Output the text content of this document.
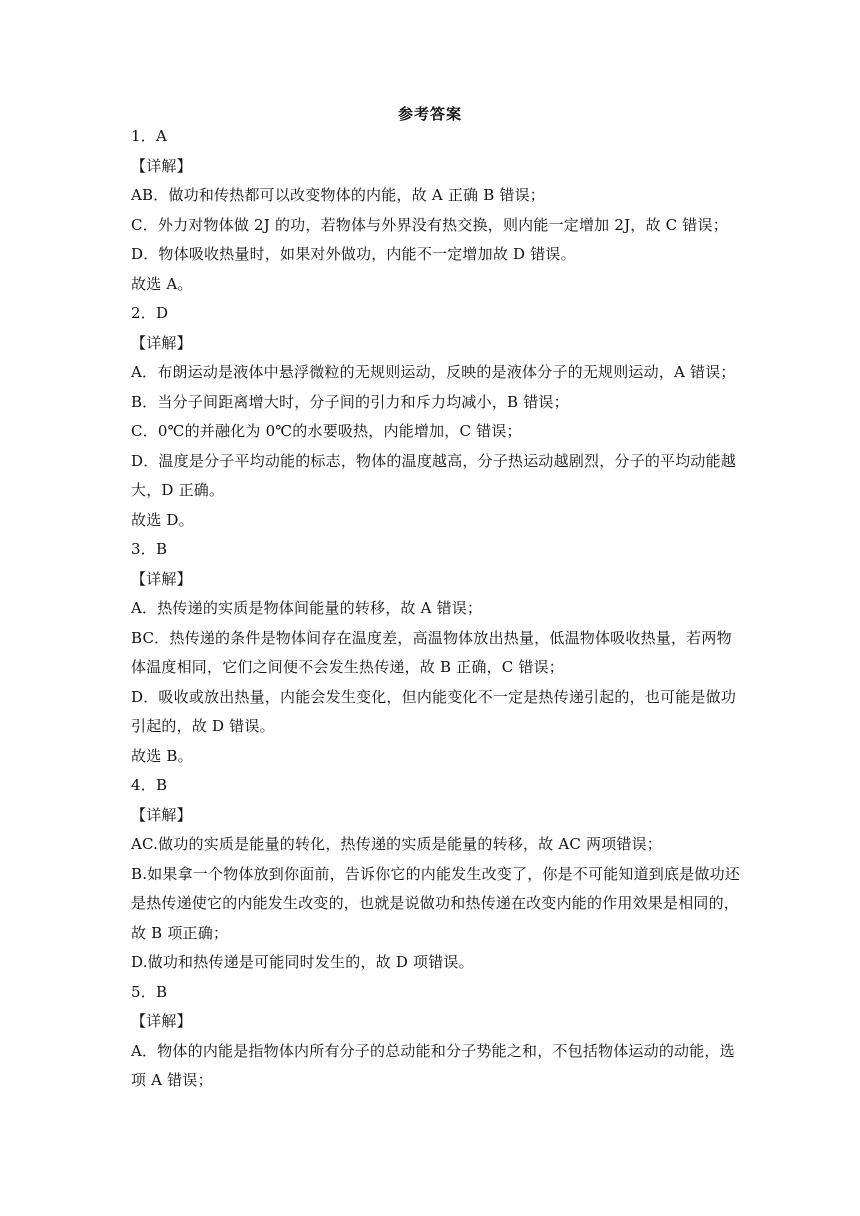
参考答案
1．A
【详解】
AB．做功和传热都可以改变物体的内能，故 A 正确 B 错误；
C．外力对物体做 2J 的功，若物体与外界没有热交换，则内能一定增加 2J，故 C 错误；
D．物体吸收热量时，如果对外做功，内能不一定增加故 D 错误。
故选 A。
2．D
【详解】
A．布朗运动是液体中悬浮微粒的无规则运动，反映的是液体分子的无规则运动，A 错误；
B．当分子间距离增大时，分子间的引力和斥力均减小，B 错误；
C．0℃的并融化为 0℃的水要吸热，内能增加，C 错误；
D．温度是分子平均动能的标志，物体的温度越高，分子热运动越剧烈，分子的平均动能越
大，D 正确。
故选 D。
3．B
【详解】
A．热传递的实质是物体间能量的转移，故 A 错误；
BC．热传递的条件是物体间存在温度差，高温物体放出热量，低温物体吸收热量，若两物
体温度相同，它们之间便不会发生热传递，故 B 正确，C 错误；
D．吸收或放出热量，内能会发生变化，但内能变化不一定是热传递引起的，也可能是做功
引起的，故 D 错误。
故选 B。
4．B
【详解】
AC.做功的实质是能量的转化，热传递的实质是能量的转移，故 AC 两项错误；
B.如果拿一个物体放到你面前，告诉你它的内能发生改变了，你是不可能知道到底是做功还
是热传递使它的内能发生改变的，也就是说做功和热传递在改变内能的作用效果是相同的，
故 B 项正确；
D.做功和热传递是可能同时发生的，故 D 项错误。
5．B
【详解】
A．物体的内能是指物体内所有分子的总动能和分子势能之和，不包括物体运动的动能，选
项 A 错误；
